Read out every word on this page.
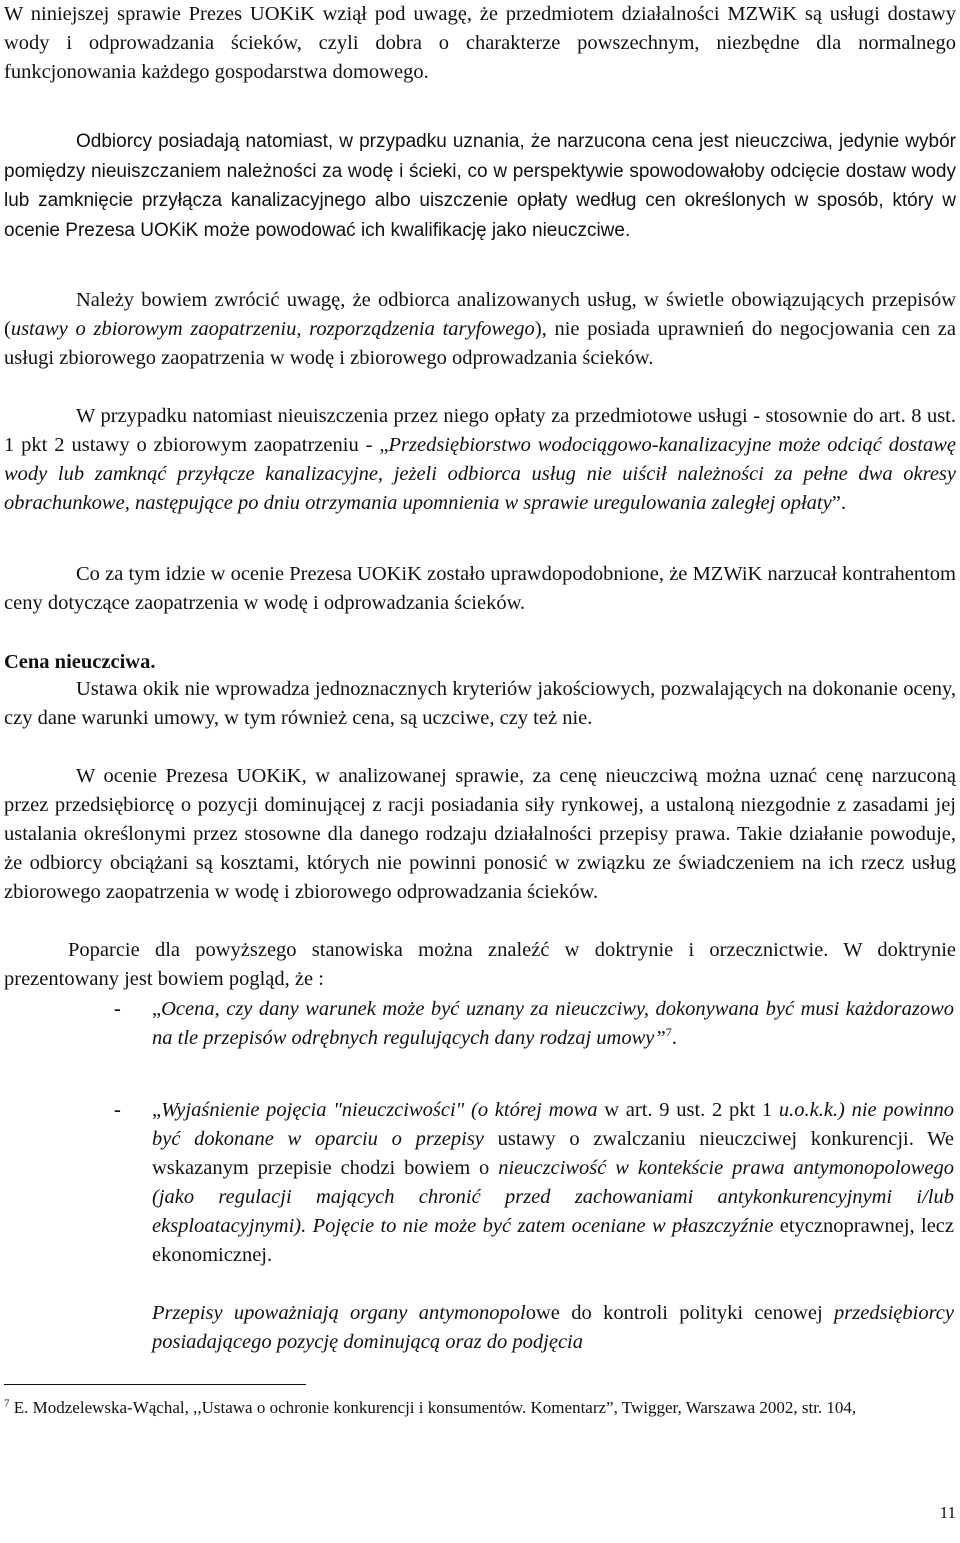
W niniejszej sprawie Prezes UOKiK wziął pod uwagę, że przedmiotem działalności MZWiK są usługi dostawy wody i odprowadzania ścieków, czyli dobra o charakterze powszechnym, niezbędne dla normalnego funkcjonowania każdego gospodarstwa domowego.

Odbiorcy posiadają natomiast, w przypadku uznania, że narzucona cena jest nieuczciwa, jedynie wybór pomiędzy nieuiszczaniem należności za wodę i ścieki, co w perspektywie spowodowałoby odcięcie dostaw wody lub zamknięcie przyłącza kanalizacyjnego albo uiszczenie opłaty według cen określonych w sposób, który w ocenie Prezesa UOKiK może powodować ich kwalifikację jako nieuczciwe.

Należy bowiem zwrócić uwagę, że odbiorca analizowanych usług, w świetle obowiązujących przepisów (ustawy o zbiorowym zaopatrzeniu, rozporządzenia taryfowego), nie posiada uprawnień do negocjowania cen za usługi zbiorowego zaopatrzenia w wodę i zbiorowego odprowadzania ścieków.

W przypadku natomiast nieuiszczenia przez niego opłaty za przedmiotowe usługi - stosownie do art. 8 ust. 1 pkt 2 ustawy o zbiorowym zaopatrzeniu - „Przedsiębiorstwo wodociągowo-kanalizacyjne może odciąć dostawę wody lub zamknąć przyłącze kanalizacyjne, jeżeli odbiorca usług nie uiścił należności za pełne dwa okresy obrachunkowe, następujące po dniu otrzymania upomnienia w sprawie uregulowania zaległej opłaty”.

Co za tym idzie w ocenie Prezesa UOKiK zostało uprawdopodobnione, że MZWiK narzucał kontrahentom ceny dotyczące zaopatrzenia w wodę i odprowadzania ścieków.

Cena nieuczciwa.

Ustawa okik nie wprowadza jednoznacznych kryteriów jakościowych, pozwalających na dokonanie oceny, czy dane warunki umowy, w tym również cena, są uczciwe, czy też nie.

W ocenie Prezesa UOKiK, w analizowanej sprawie, za cenę nieuczciwą można uznać cenę narzuconą przez przedsiębiorcę o pozycji dominującej z racji posiadania siły rynkowej, a ustaloną niezgodnie z zasadami jej ustalania określonymi przez stosowne dla danego rodzaju działalności przepisy prawa. Takie działanie powoduje, że odbiorcy obciążani są kosztami, których nie powinni ponosić w związku ze świadczeniem na ich rzecz usług zbiorowego zaopatrzenia w wodę i zbiorowego odprowadzania ścieków.

Poparcie dla powyższego stanowiska można znaleźć w doktrynie i orzecznictwie. W doktrynie prezentowany jest bowiem pogląd, że :

- „Ocena, czy dany warunek może być uznany za nieuczciwy, dokonywana być musi każdorazowo na tle przepisów odrębnych regulujących dany rodzaj umowy”$^7$.
- „Wyjaśnienie pojęcia "nieuczciwości" (o której mowa w art. 9 ust. 2 pkt 1 u.o.k.k.) nie powinno być dokonane w oparciu o przepisy ustawy o zwalczaniu nieuczciwej konkurencji. We wskazanym przepisie chodzi bowiem o nieuczciwość w kontekście prawa antymonopolowego (jako regulacji mających chronić przed zachowaniami antykonkurencyjnymi i/lub eksploatacyjnymi). Pojęcie to nie może być zatem oceniane w płaszczyźnie etycznoprawnej, lecz ekonomicznej.
Przepisy upoważniają organy antymonopolowe do kontroli polityki cenowej przedsiębiorcy posiadającego pozycję dominującą oraz do podjęcia
$^7$ E. Modzelewska-Wąchal, ,,Ustawa o ochronie konkurencji i konsumentów. Komentarz”, Twigger, Warszawa 2002, str. 104,
11
